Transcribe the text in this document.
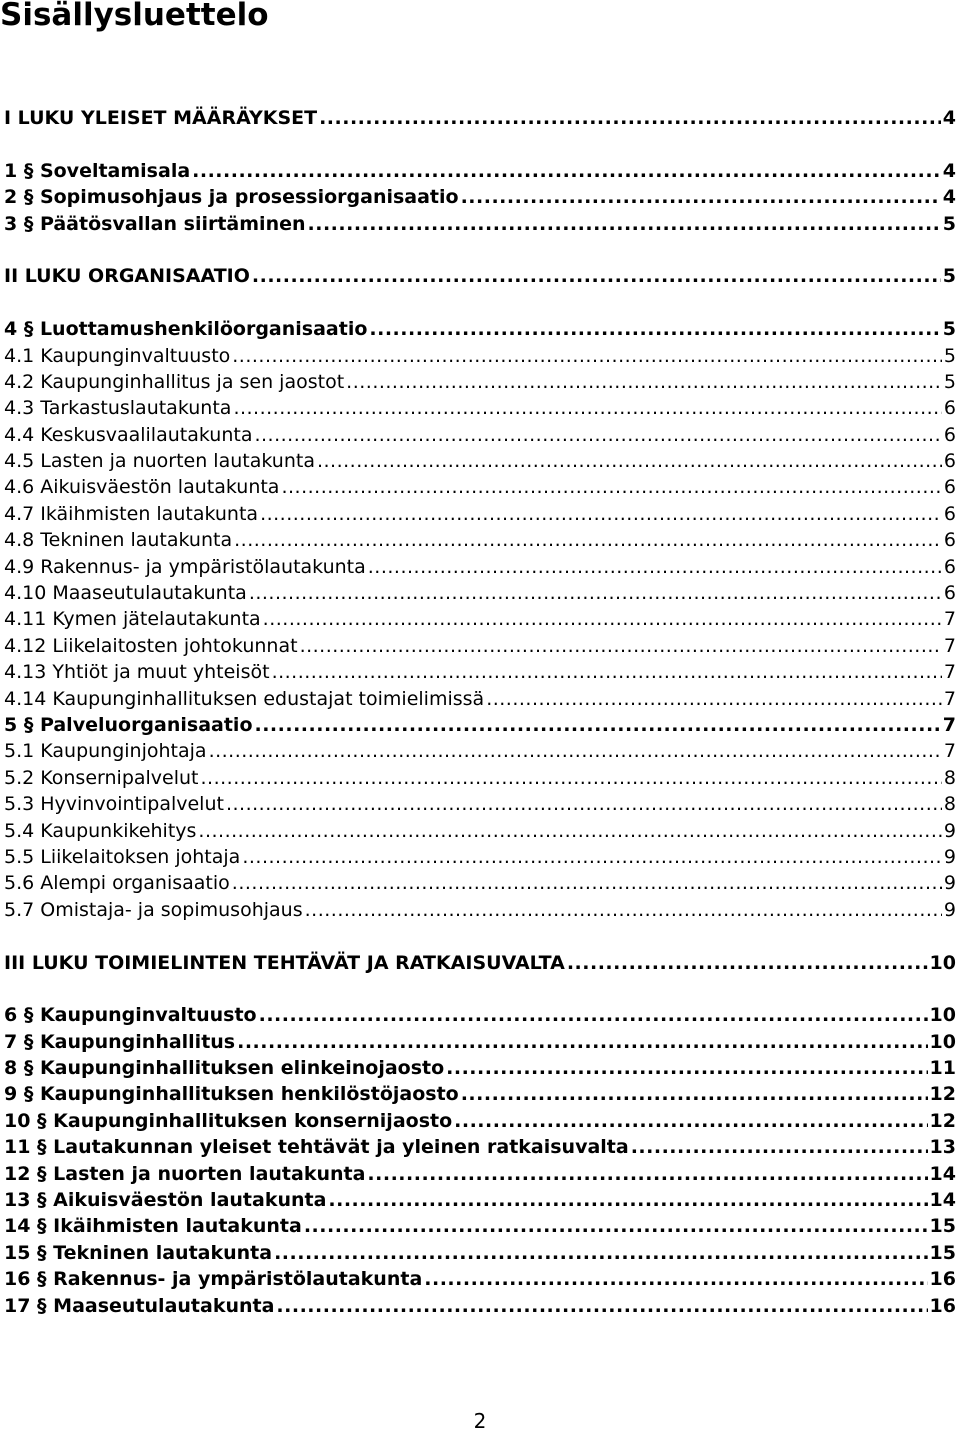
Sisällysluettelo
I LUKU YLEISET MÄÄRÄYKSET .....	4
1 § Soveltamisala .....	4
2 § Sopimusohjaus ja prosessiorganisaatio .....	4
3 § Päätösvallan siirtäminen .....	5
II LUKU ORGANISAATIO .....	5
4 § Luottamushenkilöorganisaatio .....	5
4.1 Kaupunginvaltuusto .....	5
4.2 Kaupunginhallitus ja sen jaostot .....	5
4.3 Tarkastuslautakunta .....	6
4.4 Keskusvaalilautakunta .....	6
4.5 Lasten ja nuorten lautakunta .....	6
4.6 Aikuisväestön lautakunta .....	6
4.7 Ikäihmisten lautakunta .....	6
4.8 Tekninen lautakunta .....	6
4.9 Rakennus- ja ympäristölautakunta .....	6
4.10 Maaseutulautakunta .....	6
4.11 Kymen jätelautakunta .....	7
4.12 Liikelaitosten johtokunnat .....	7
4.13 Yhtiöt ja muut yhteisöt .....	7
4.14 Kaupunginhallituksen edustajat toimielimissä .....	7
5 § Palveluorganisaatio .....	7
5.1 Kaupunginjohtaja .....	7
5.2 Konsernipalvelut .....	8
5.3 Hyvinvointipalvelut .....	8
5.4 Kaupunkikehitys .....	9
5.5 Liikelaitoksen johtaja .....	9
5.6 Alempi organisaatio .....	9
5.7 Omistaja- ja sopimusohjaus .....	9
III LUKU TOIMIELINTEN TEHTÄVÄT JA RATKAISUVALTA .....	10
6 § Kaupunginvaltuusto .....	10
7 § Kaupunginhallitus .....	10
8 § Kaupunginhallituksen elinkeinojaosto .....	11
9 § Kaupunginhallituksen henkilöstöjaosto .....	12
10 § Kaupunginhallituksen konsernijaosto .....	12
11 § Lautakunnan yleiset tehtävät ja yleinen ratkaisuvalta .....	13
12 § Lasten ja nuorten lautakunta .....	14
13 § Aikuisväestön lautakunta .....	14
14 § Ikäihmisten lautakunta .....	15
15 § Tekninen lautakunta .....	15
16 § Rakennus- ja ympäristölautakunta .....	16
17 § Maaseutulautakunta .....	16
2
